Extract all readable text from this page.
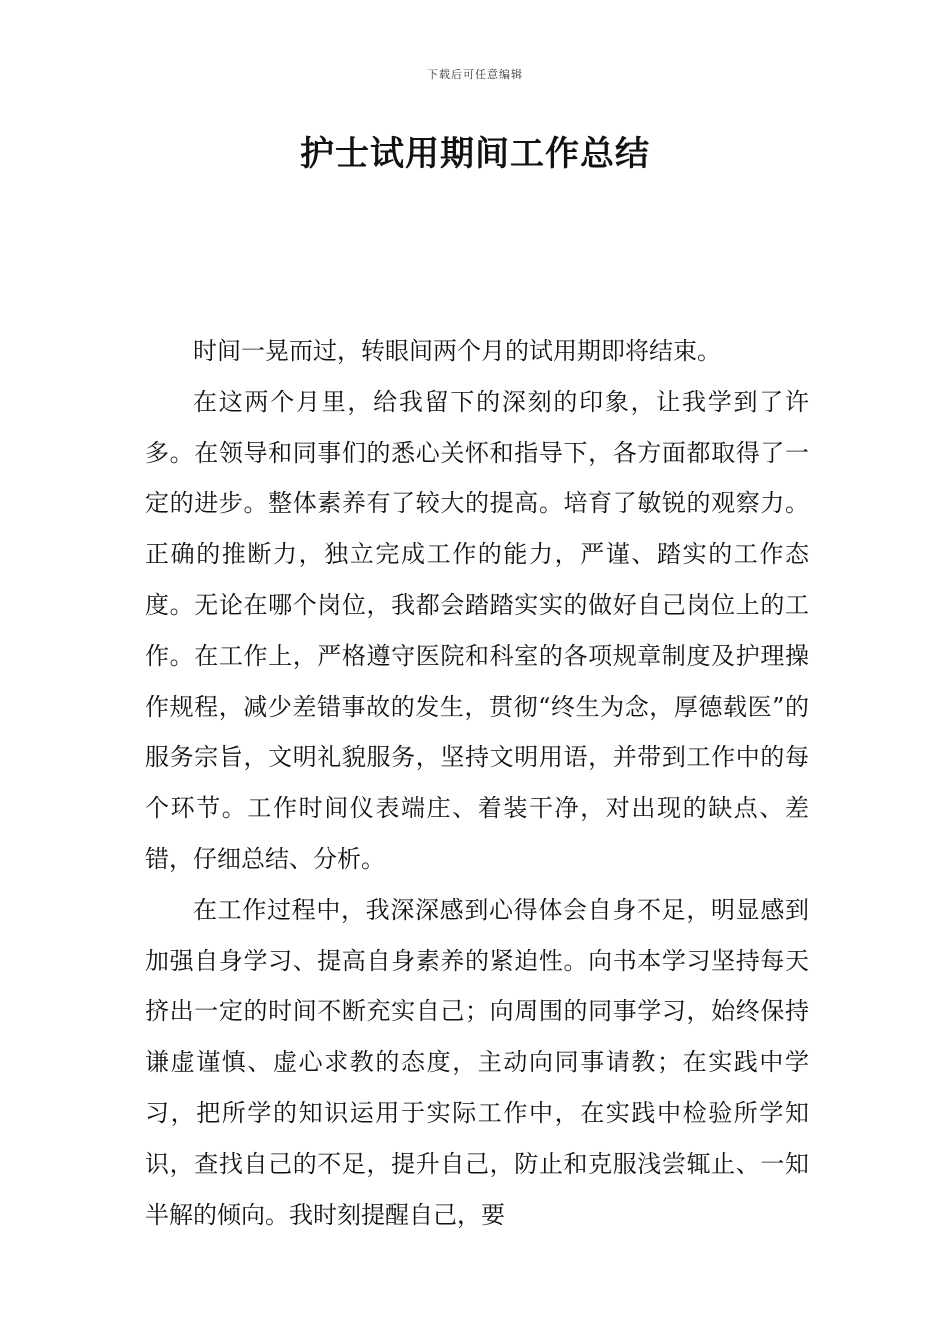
下载后可任意编辑
护士试用期间工作总结

时间一晃而过，转眼间两个月的试用期即将结束。

在这两个月里，给我留下的深刻的印象，让我学到了许多。在领导和同事们的悉心关怀和指导下，各方面都取得了一定的进步。整体素养有了较大的提高。培育了敏锐的观察力。正确的推断力，独立完成工作的能力，严谨、踏实的工作态度。无论在哪个岗位，我都会踏踏实实的做好自己岗位上的工作。在工作上，严格遵守医院和科室的各项规章制度及护理操作规程，减少差错事故的发生，贯彻“终生为念，厚德载医”的服务宗旨，文明礼貌服务，坚持文明用语，并带到工作中的每个环节。工作时间仪表端庄、着装干净，对出现的缺点、差错，仔细总结、分析。

在工作过程中，我深深感到心得体会自身不足，明显感到加强自身学习、提高自身素养的紧迫性。向书本学习坚持每天挤出一定的时间不断充实自己；向周围的同事学习，始终保持谦虚谨慎、虚心求教的态度，主动向同事请教；在实践中学习，把所学的知识运用于实际工作中，在实践中检验所学知识，查找自己的不足，提升自己，防止和克服浅尝辄止、一知半解的倾向。我时刻提醒自己，要
